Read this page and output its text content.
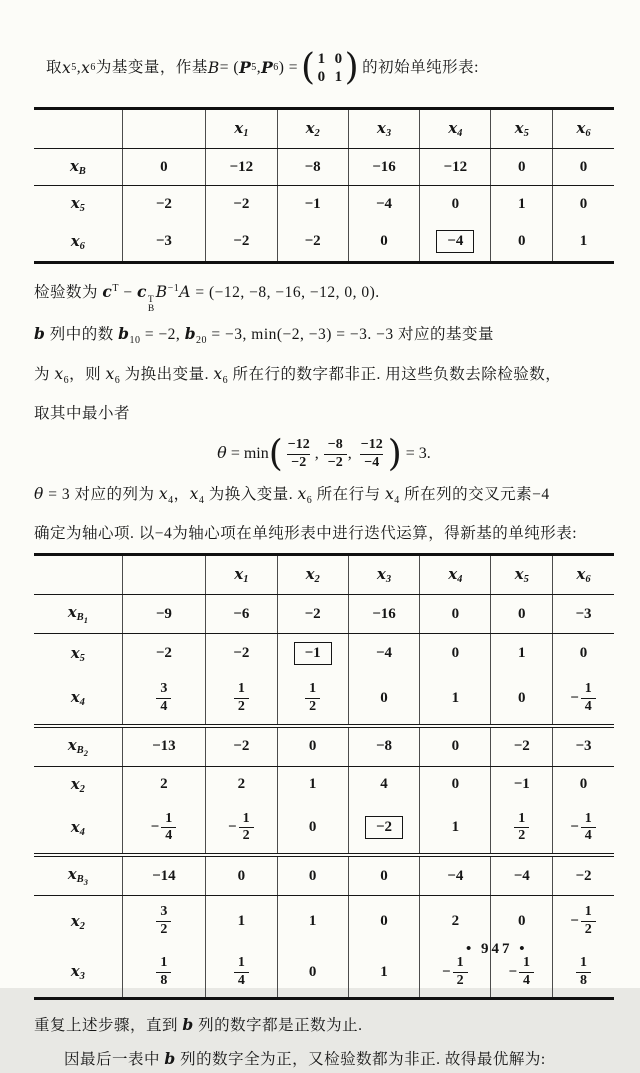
取 x 5 , x 6 为基变量，作基 B = ( P 5 , P 6 ) = ( 1 0
0 1 ) 的初始单纯形表:

		$x_1$	$x_2$	$x_3$	$x_4$	$x_5$	$x_6$
$x_B$	0	−12	−8	−16	−12	0	0
$x_5$	−2	−2	−1	−4	0	1	0
$x_6$	−3	−2	−2	0	−4	0	1

检验数为 $c^T - c$ T
B
$B^{-1}A = (-12$, −8, −16, −12, 0, 0).

b 列中的数 $b_{10} = -2$, $b_{20} = -3$, min(−2, −3) = −3. −3 对应的基变量

为 $x_6$，则 $x_6$ 为换出变量. $x_6$ 所在行的数字都非正. 用这些负数去除检验数，

取其中最小者

$\theta = \min( \frac{-12}{-2}$ , $\frac{-8}{-2}$ , $\frac{-12}{-4}$ ) = 3.

θ = 3 对应的列为 $x_4$，$x_4$ 为换入变量. $x_6$ 所在行与 $x_4$ 所在列的交叉元素−4

确定为轴心项. 以−4为轴心项在单纯形表中进行迭代运算，得新基的单纯形表:

		$x_1$	$x_2$	$x_3$	$x_4$	$x_5$	$x_6$
$x_{B1}$	−9	−6	−2	−16	0	0	−3
$x_5$	−2	−2	−1	−4	0	1	0
$x_4$	$\frac{3}{4}$	$\frac{1}{2}$	$\frac{1}{2}$	0	1	0	− $\frac{1}{4}$

$x_{B2}$	−13	−2	0	−8	0	−2	−3
$x_2$	2	2	1	4	0	−1	0
$x_4$	− $\frac{1}{4}$	− $\frac{1}{2}$	0	−2	1	$\frac{1}{2}$	− $\frac{1}{4}$

$x_{B3}$	−14	0	0	0	−4	−4	−2
$x_2$	$\frac{3}{2}$	1	1	0	2	0	− $\frac{1}{2}$

$x_3$	$\frac{1}{8}$	$\frac{1}{4}$	0	1	− $\frac{1}{2}$	− $\frac{1}{4}$	$\frac{1}{8}$

重复上述步骤，直到 b 列的数字都是正数为止.

因最后一表中 b 列的数字全为正，又检验数都为非正. 故得最优解为:

• 947 •
